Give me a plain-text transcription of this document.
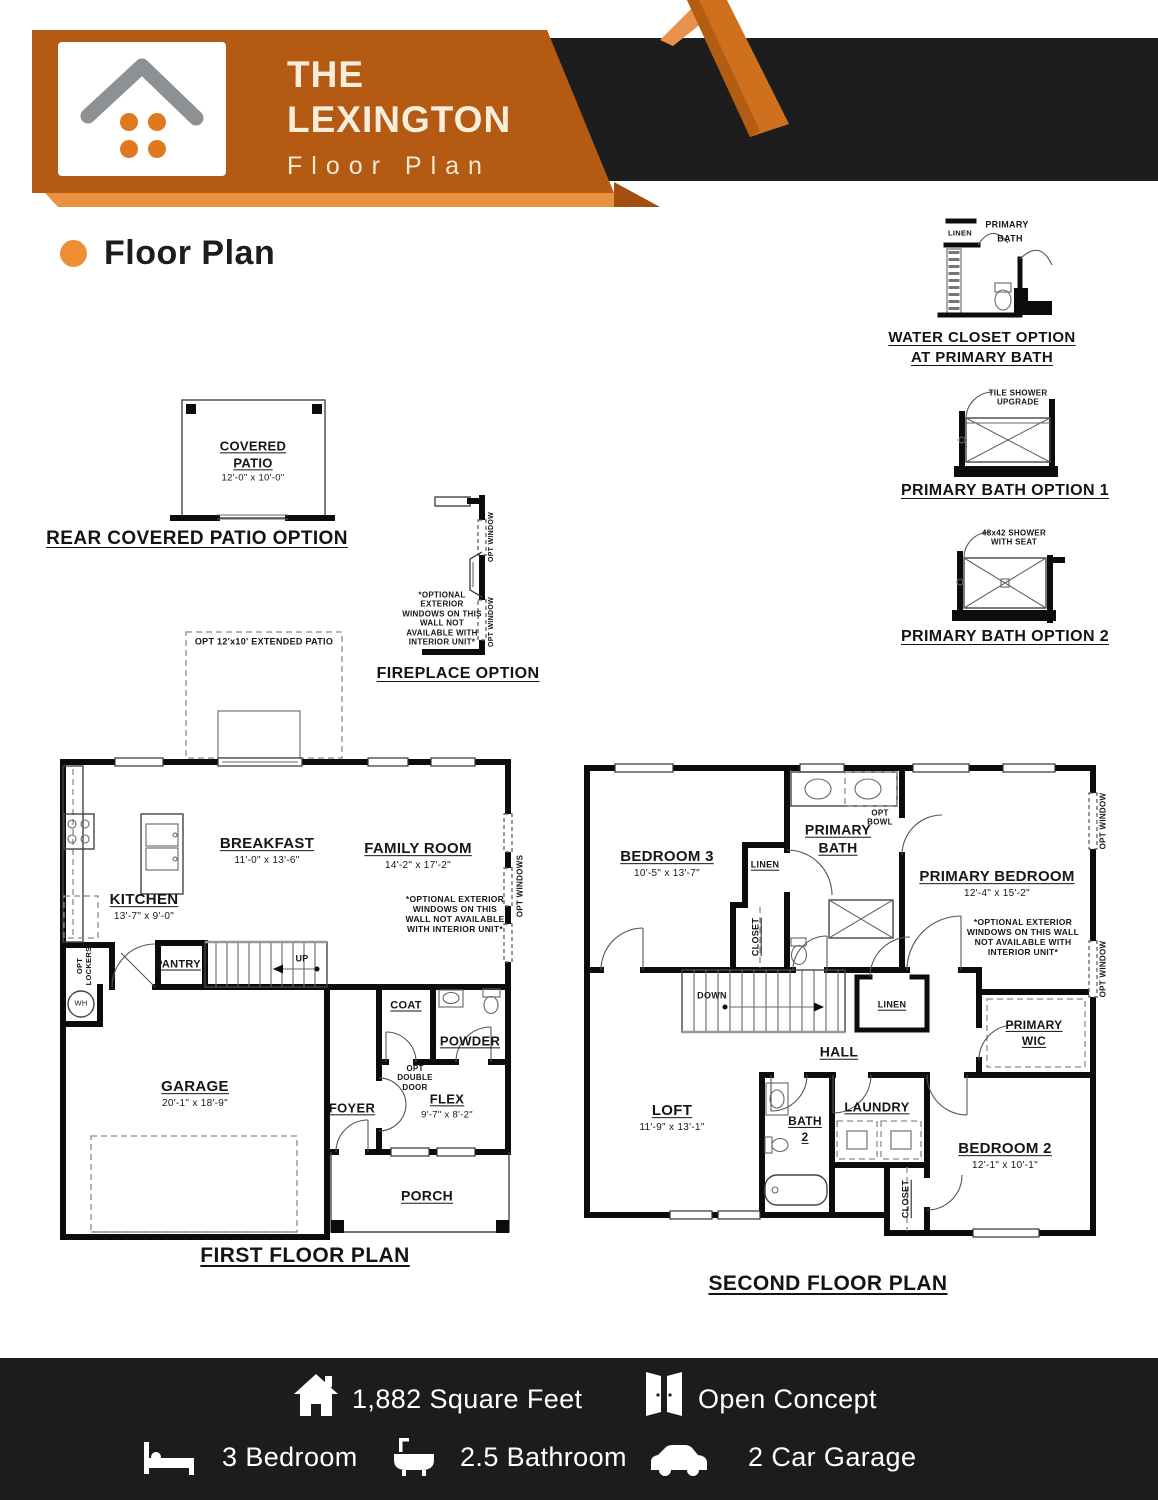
THE
LEXINGTON
Floor Plan
Floor Plan
LINEN
PRIMARY
BATH
WATER CLOSET OPTION
AT PRIMARY BATH
TILE SHOWER UPGRADE
PRIMARY BATH OPTION 1
48x42 SHOWER WITH SEAT
PRIMARY BATH OPTION 2
COVERED
PATIO
12'-0" x 10'-0"
REAR COVERED PATIO OPTION	OPT WINDOW
OPT WINDOW
*OPTIONAL EXTERIOR WINDOWS ON THIS WALL NOT AVAILABLE WITH INTERIOR UNIT*
FIREPLACE OPTION
OPT 12'x10' EXTENDED PATIO
BREAKFAST
11'-0" x 13'-6"
FAMILY ROOM
14'-2" x 17'-2"
*OPTIONAL EXTERIOR WINDOWS ON THIS WALL NOT AVAILABLE WITH INTERIOR UNIT*
KITCHEN
13'-7" x 9'-0"
PANTRY	UP
OPT LOCKERS
WH
OPT WINDOWS
GARAGE
20'-1" x 18'-9"
COAT
POWDER
FOYER
OPT DOUBLE DOOR
FLEX
9'-7" x 8'-2"
PORCH
FIRST FLOOR PLAN
BEDROOM 3
10'-5" x 13'-7"
LINEN
CLOSET
PRIMARY
BATH
OPT BOWL
PRIMARY BEDROOM
12'-4" x 15'-2"
*OPTIONAL EXTERIOR WINDOWS ON THIS WALL NOT AVAILABLE WITH INTERIOR UNIT*
OPT WINDOW
OPT WINDOW
DOWN
HALL
LINEN
PRIMARY
WIC
LOFT
11'-9" x 13'-1"	BATH
2
LAUNDRY
CLOSET
BEDROOM 2
12'-1" x 10'-1"
SECOND FLOOR PLAN
1,882 Square Feet	Open Concept
3 Bedroom	2.5 Bathroom	2 Car Garage
